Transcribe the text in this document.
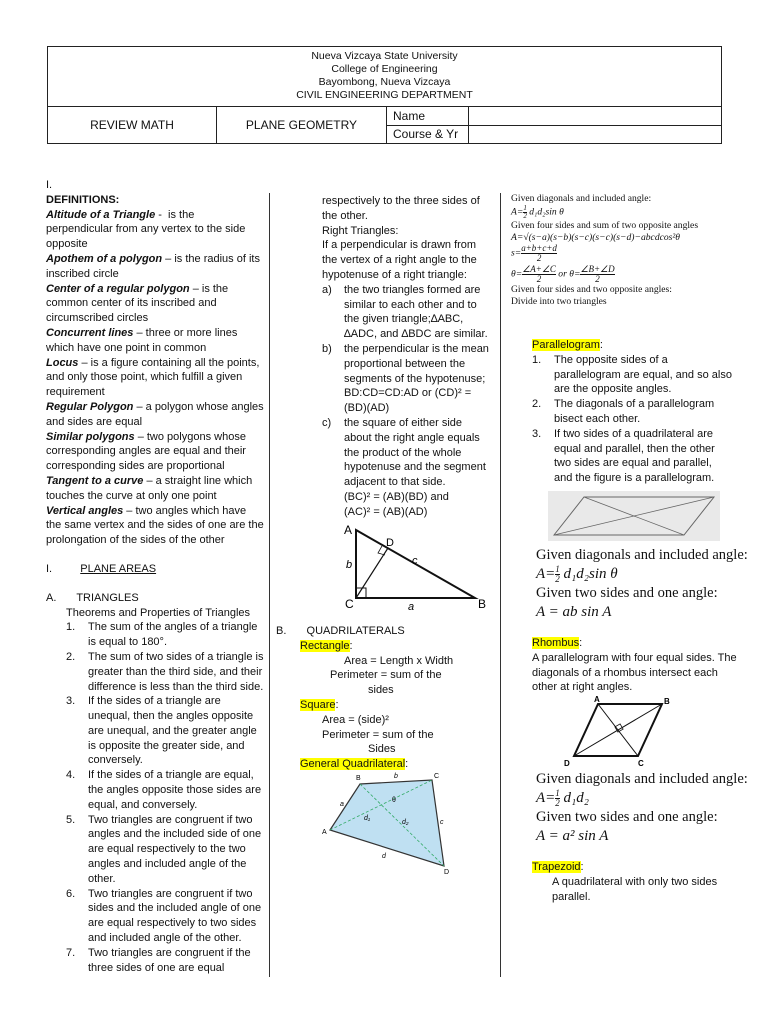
Nueva Vizcaya State University
College of Engineering
Bayombong, Nueva Vizcaya
CIVIL ENGINEERING DEPARTMENT
REVIEW MATH	PLANE GEOMETRY
Name
Course & Yr
I.
DEFINITIONS:
Altitude of a Triangle -  is the perpendicular from any vertex to the side opposite
Apothem of a polygon – is the radius of its inscribed circle
Center of a regular polygon – is the common center of its inscribed and circumscribed circles
Concurrent lines – three or more lines which have one point in common
Locus – is a figure containing all the points, and only those point, which fulfill a given requirement
Regular Polygon – a polygon whose angles and sides are equal
Similar polygons – two polygons whose corresponding angles are equal and their corresponding sides are proportional
Tangent to a curve – a straight line which touches the curve at only one point
Vertical angles – two angles which have the same vertex and the sides of one are the prolongation of the sides of the other
I.	PLANE AREAS
A. TRIANGLES
Theorems and Properties of Triangles
1. The sum of the angles of a triangle is equal to 180°.
2. The sum of two sides of a triangle is greater than the third side, and their difference is less than the third side.
3. If the sides of a triangle are unequal, then the angles opposite are unequal, and the greater angle is opposite the greater side, and conversely.
4. If the sides of a triangle are equal, the angles opposite those sides are equal, and conversely.
5. Two triangles are congruent if two angles and the included side of one are equal respectively to the two angles and included angle of the other.
6. Two triangles are congruent if two sides and the included angle of one are equal respectively to two sides and included angle of the other.
7. Two triangles are congruent if the three sides of one are equal
respectively to the three sides of the other.
Right Triangles:
If a perpendicular is drawn from the vertex of a right angle to the hypotenuse of a right triangle:
a) the two triangles formed are similar to each other and to the given triangle;∆ABC, ∆ADC, and ∆BDC are similar.
b) the perpendicular is the mean proportional between the segments of the hypotenuse; BD:CD=CD:AD or (CD)² = (BD)(AD)
c) the square of either side about the right angle equals the product of the whole hypotenuse and the segment adjacent to that side.
(BC)² = (AB)(BD) and
(AC)² = (AB)(AD)
A
D
c
b
C	a	B
B. QUADRILATERALS
Rectangle:
Area = Length x Width
Perimeter = sum of the
sides
Square:
Area = (side)²
Perimeter = sum of the
Sides
General Quadrilateral:
A
B	C
D
a
b
c
d
d₁
d₂
θ
Given diagonals and included angle:
$A= \frac{1}{2} d_1d_2\sin$ θ
Given four sides and sum of two opposite angles
A=√(s−a)(s−b)(s−c)(s−c)(s−d)−abcdcos²θ
$s= \frac{a+b+c+d}{2}$
$\theta= \frac{\angle A+\angle C}{2}$ or $\theta= \frac{\angle B+\angle D}{2}$
Given four sides and two opposite angles:
Divide into two triangles
Parallelogram:
1. The opposite sides of a parallelogram are equal, and so also are the opposite angles.
2. The diagonals of a parallelogram bisect each other.
3. If two sides of a quadrilateral are equal and parallel, then the other two sides are equal and parallel, and the figure is a parallelogram.
Given diagonals and included angle:
$A= \frac{1}{2} d_1d_2\sin$ θ
Given two sides and one angle:
A = ab sin A
Rhombus:
A parallelogram with four equal sides. The diagonals of a rhombus intersect each other at right angles.
A	B
C
D
Given diagonals and included angle:
$A= \frac{1}{2} d_1d_2$
Given two sides and one angle:
A = a² sin A
Trapezoid:
A quadrilateral with only two sides parallel.
